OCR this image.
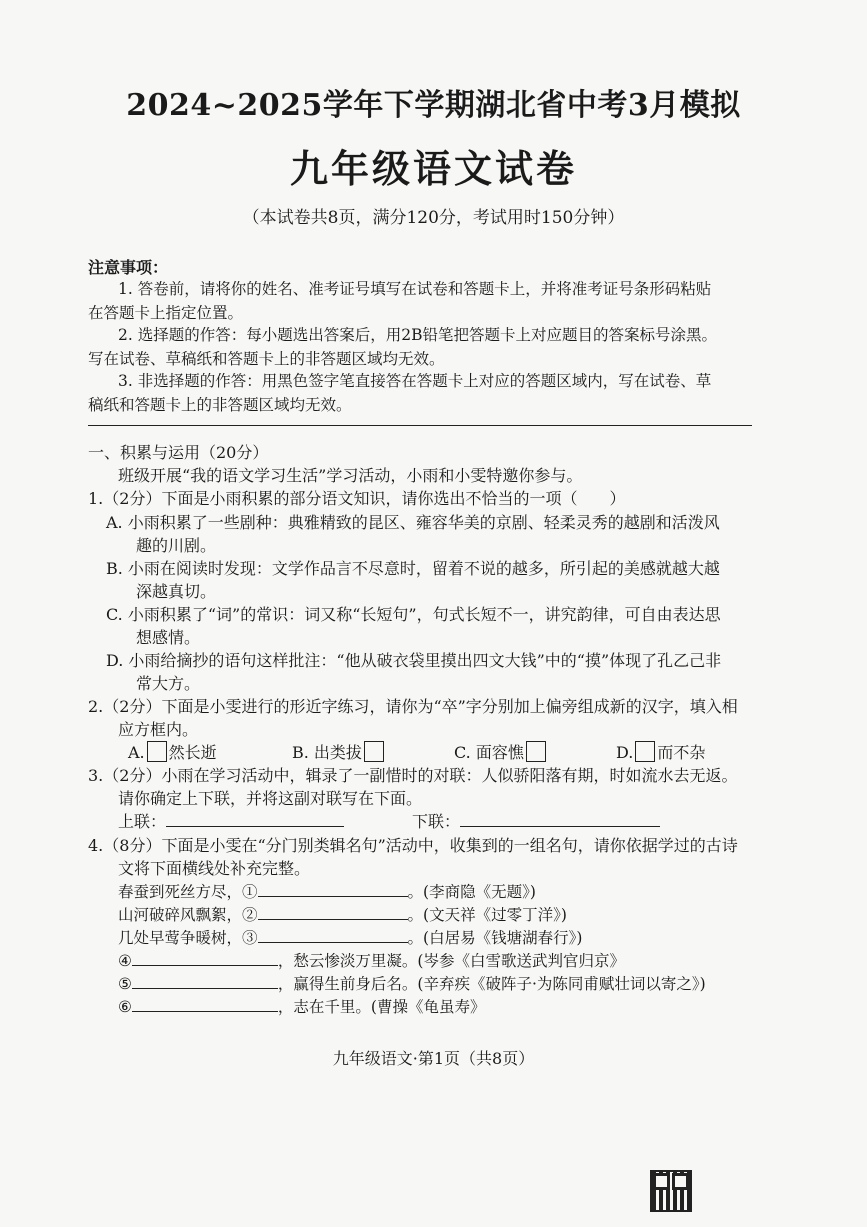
2024~2025学年下学期湖北省中考3月模拟
九年级语文试卷
（本试卷共8页，满分120分，考试用时150分钟）
注意事项：
1. 答卷前，请将你的姓名、准考证号填写在试卷和答题卡上，并将准考证号条形码粘贴
在答题卡上指定位置。
2. 选择题的作答：每小题选出答案后，用2B铅笔把答题卡上对应题目的答案标号涂黑。
写在试卷、草稿纸和答题卡上的非答题区域均无效。
3. 非选择题的作答：用黑色签字笔直接答在答题卡上对应的答题区域内，写在试卷、草
稿纸和答题卡上的非答题区域均无效。
一、积累与运用（20分）
班级开展“我的语文学习生活”学习活动，小雨和小雯特邀你参与。
1.（2分）下面是小雨积累的部分语文知识，请你选出不恰当的一项（　　）
A. 小雨积累了一些剧种：典雅精致的昆区、雍容华美的京剧、轻柔灵秀的越剧和活泼风
趣的川剧。
B. 小雨在阅读时发现：文学作品言不尽意时，留着不说的越多，所引起的美感就越大越
深越真切。
C. 小雨积累了“词”的常识：词又称“长短句”，句式长短不一，讲究韵律，可自由表达思
想感情。
D. 小雨给摘抄的语句这样批注：“他从破衣袋里摸出四文大钱”中的“摸”体现了孔乙己非
常大方。
2.（2分）下面是小雯进行的形近字练习，请你为“卒”字分别加上偏旁组成新的汉字，填入相
应方框内。
A. 然长逝	B. 出类拔	C. 面容憔	D. 而不杂
3.（2分）小雨在学习活动中，辑录了一副惜时的对联：人似骄阳落有期，时如流水去无返。
请你确定上下联，并将这副对联写在下面。
上联：	下联：
4.（8分）下面是小雯在“分门别类辑名句”活动中，收集到的一组名句，请你依据学过的古诗
文将下面横线处补充完整。
春蚕到死丝方尽，①	。(李商隐《无题》)
山河破碎风飘絮，②	。(文天祥《过零丁洋》)
几处早莺争暖树，③	。(白居易《钱塘湖春行》)
④	，愁云惨淡万里凝。(岑参《白雪歌送武判官归京》
⑤	，赢得生前身后名。(辛弃疾《破阵子·为陈同甫赋壮词以寄之》)
⑥	，志在千里。(曹操《龟虽寿》
九年级语文·第1页（共8页）
